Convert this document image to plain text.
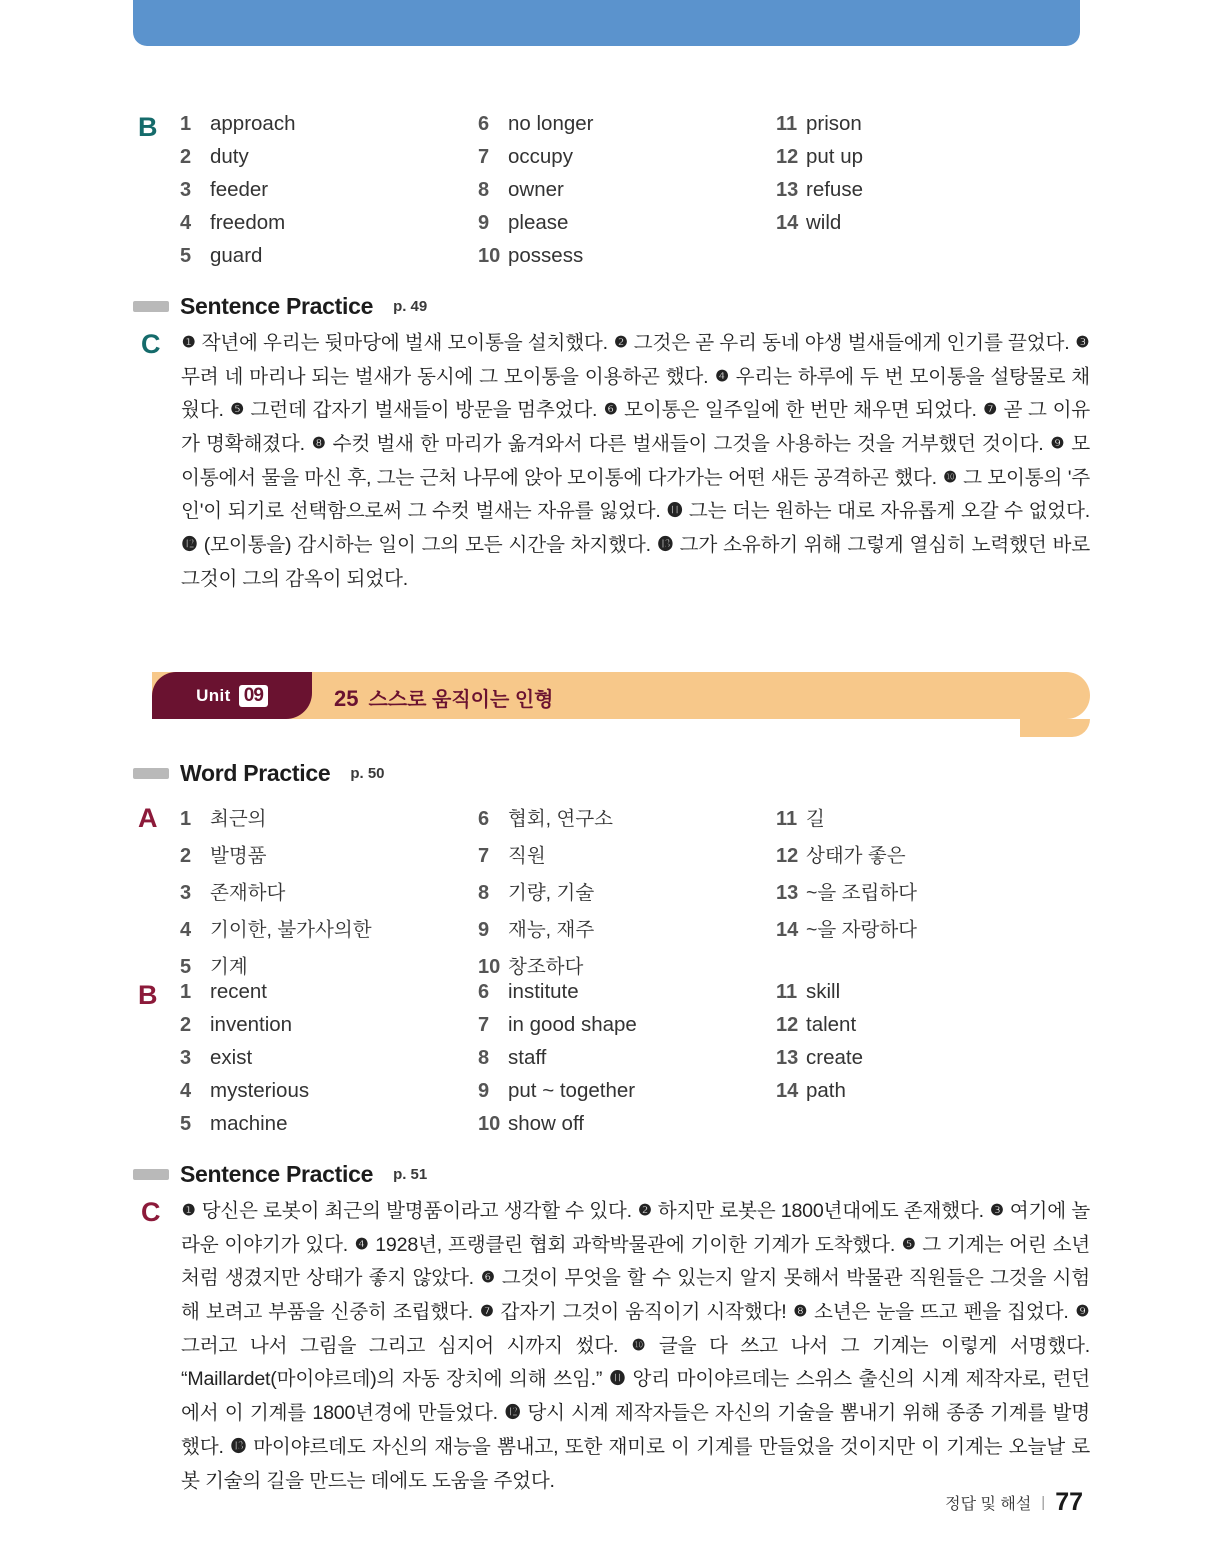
B 1 approach
2 duty
3 feeder
4 freedom
5 guard
6 no longer
7 occupy
8 owner
9 please
10 possess
11 prison
12 put up
13 refuse
14 wild
Sentence Practice p. 49
C ❶ 작년에 우리는 뒷마당에 벌새 모이통을 설치했다. ❷ 그것은 곧 우리 동네 야생 벌새들에게 인기를 끌었다. ❸ 무려 네 마리나 되는 벌새가 동시에 그 모이통을 이용하곤 했다. ❹ 우리는 하루에 두 번 모이통을 설탕물로 채웠다. ❺ 그런데 갑자기 벌새들이 방문을 멈추었다. ❻ 모이통은 일주일에 한 번만 채우면 되었다. ❼ 곧 그 이유가 명확해졌다. ❽ 수컷 벌새 한 마리가 옮겨와서 다른 벌새들이 그것을 사용하는 것을 거부했던 것이다. ❾ 모이통에서 물을 마신 후, 그는 근처 나무에 앉아 모이통에 다가가는 어떤 새든 공격하곤 했다. ❿ 그 모이통의 '주인'이 되기로 선택함으로써 그 수컷 벌새는 자유를 잃었다. ⓫ 그는 더는 원하는 대로 자유롭게 오갈 수 없었다. ⓬ (모이통을) 감시하는 일이 그의 모든 시간을 차지했다. ⓭ 그가 소유하기 위해 그렇게 열심히 노력했던 바로 그것이 그의 감옥이 되었다.
Unit 09	25 스스로 움직이는 인형
Word Practice p. 50
A 1 최근의
2 발명품
3 존재하다
4 기이한, 불가사의한
5 기계
6 협회, 연구소
7 직원
8 기량, 기술
9 재능, 재주
10 창조하다
11 길
12 상태가 좋은
13 ~을 조립하다
14 ~을 자랑하다
B 1 recent
2 invention
3 exist
4 mysterious
5 machine
6 institute
7 in good shape
8 staff
9 put ~ together
10 show off
11 skill
12 talent
13 create
14 path
Sentence Practice p. 51
C ❶ 당신은 로봇이 최근의 발명품이라고 생각할 수 있다. ❷ 하지만 로봇은 1800년대에도 존재했다. ❸ 여기에 놀라운 이야기가 있다. ❹ 1928년, 프랭클린 협회 과학박물관에 기이한 기계가 도착했다. ❺ 그 기계는 어린 소년처럼 생겼지만 상태가 좋지 않았다. ❻ 그것이 무엇을 할 수 있는지 알지 못해서 박물관 직원들은 그것을 시험해 보려고 부품을 신중히 조립했다. ❼ 갑자기 그것이 움직이기 시작했다! ❽ 소년은 눈을 뜨고 펜을 집었다. ❾ 그러고 나서 그림을 그리고 심지어 시까지 썼다. ❿ 글을 다 쓰고 나서 그 기계는 이렇게 서명했다. “Maillardet(마이야르데)의 자동 장치에 의해 쓰임.” ⓫ 앙리 마이야르데는 스위스 출신의 시계 제작자로, 런던에서 이 기계를 1800년경에 만들었다. ⓬ 당시 시계 제작자들은 자신의 기술을 뽐내기 위해 종종 기계를 발명했다. ⓭ 마이야르데도 자신의 재능을 뽐내고, 또한 재미로 이 기계를 만들었을 것이지만 이 기계는 오늘날 로봇 기술의 길을 만드는 데에도 도움을 주었다.
정답 및 해설 | 77
